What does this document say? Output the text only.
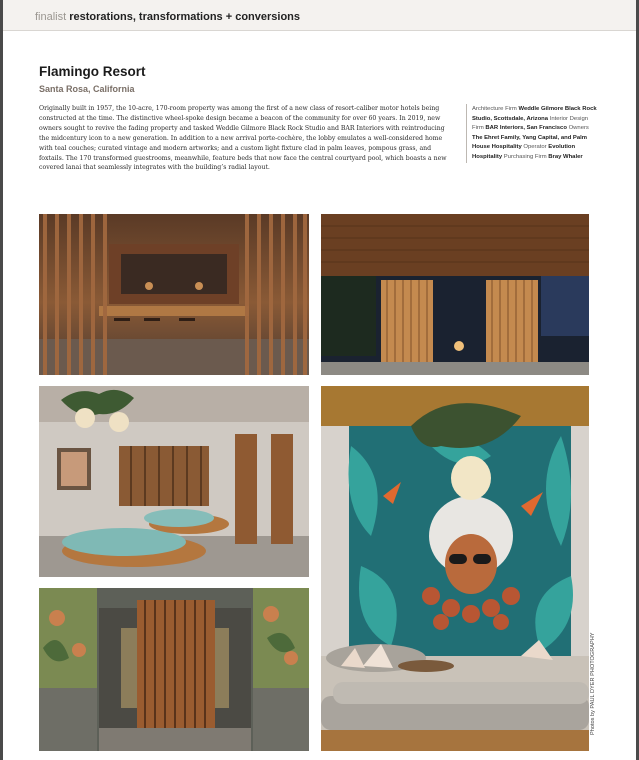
finalist restorations, transformations + conversions
Flamingo Resort
Santa Rosa, California
Originally built in 1957, the 10-acre, 170-room property was among the first of a new class of resort-caliber motor hotels being constructed at the time. The distinctive wheel-spoke design became a beacon of the community for over 60 years. In 2019, new owners sought to revive the fading property and tasked Weddle Gilmore Black Rock Studio and BAR Interiors with reintroducing the midcentury icon to a new generation. In addition to a new arrival porte-cochère, the lobby emulates a well-considered home with teal couches; curated vintage and modern artworks; and a custom light fixture clad in palm leaves, pompous grass, and foxtails. The 170 transformed guestrooms, meanwhile, feature beds that now face the central courtyard pool, which boasts a new covered lanai that seamlessly integrates with the building’s radial layout.
Architecture Firm Weddle Gilmore Black Rock Studio, Scottsdale, Arizona Interior Design Firm BAR Interiors, San Francisco Owners The Ehret Family, Yang Capital, and Palm House Hospitality Operator Evolution Hospitality Purchasing Firm Bray Whaler
Photos by PAUL DYER PHOTOGRAPHY
